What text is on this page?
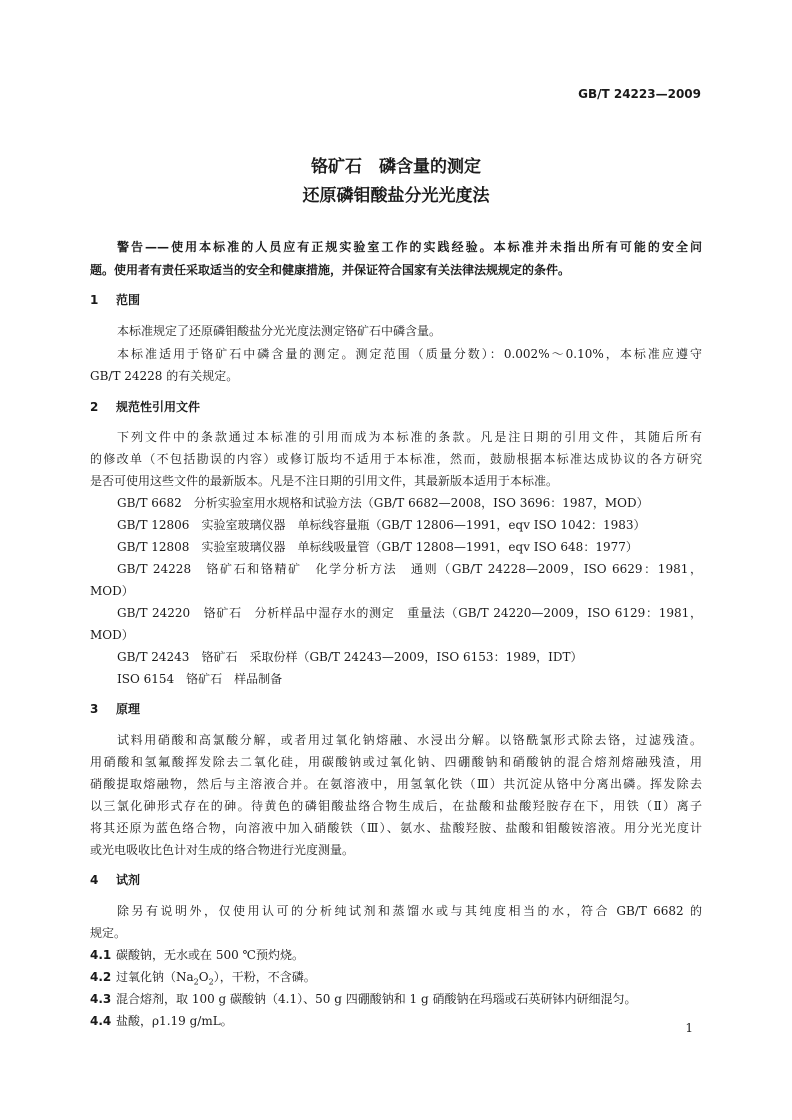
GB/T 24223—2009
铬矿石　磷含量的测定
还原磷钼酸盐分光光度法
警告——使用本标准的人员应有正规实验室工作的实践经验。本标准并未指出所有可能的安全问
题。使用者有责任采取适当的安全和健康措施，并保证符合国家有关法律法规规定的条件。
1 范围
本标准规定了还原磷钼酸盐分光光度法测定铬矿石中磷含量。
本标准适用于铬矿石中磷含量的测定。测定范围（质量分数）：0.002%～0.10%，本标准应遵守
GB/T 24228 的有关规定。
2 规范性引用文件
下列文件中的条款通过本标准的引用而成为本标准的条款。凡是注日期的引用文件，其随后所有
的修改单（不包括勘误的内容）或修订版均不适用于本标准，然而，鼓励根据本标准达成协议的各方研究
是否可使用这些文件的最新版本。凡是不注日期的引用文件，其最新版本适用于本标准。
GB/T 6682　分析实验室用水规格和试验方法（GB/T 6682—2008，ISO 3696：1987，MOD）
GB/T 12806　实验室玻璃仪器　单标线容量瓶（GB/T 12806—1991，eqv ISO 1042：1983）
GB/T 12808　实验室玻璃仪器　单标线吸量管（GB/T 12808—1991，eqv ISO 648：1977）
GB/T 24228　铬矿石和铬精矿　化学分析方法　通则（GB/T 24228—2009，ISO 6629：1981，
MOD）
GB/T 24220　铬矿石　分析样品中湿存水的测定　重量法（GB/T 24220—2009，ISO 6129：1981，
MOD）
GB/T 24243　铬矿石　采取份样（GB/T 24243—2009，ISO 6153：1989，IDT）
ISO 6154　铬矿石　样品制备
3 原理
试料用硝酸和高氯酸分解，或者用过氧化钠熔融、水浸出分解。以铬酰氯形式除去铬，过滤残渣。
用硝酸和氢氟酸挥发除去二氧化硅，用碳酸钠或过氧化钠、四硼酸钠和硝酸钠的混合熔剂熔融残渣，用
硝酸提取熔融物，然后与主溶液合并。在氨溶液中，用氢氧化铁（Ⅲ）共沉淀从铬中分离出磷。挥发除去
以三氯化砷形式存在的砷。待黄色的磷钼酸盐络合物生成后，在盐酸和盐酸羟胺存在下，用铁（Ⅱ）离子
将其还原为蓝色络合物，向溶液中加入硝酸铁（Ⅲ）、氨水、盐酸羟胺、盐酸和钼酸铵溶液。用分光光度计
或光电吸收比色计对生成的络合物进行光度测量。
4 试剂
除另有说明外，仅使用认可的分析纯试剂和蒸馏水或与其纯度相当的水，符合 GB/T 6682 的
规定。
4.1 碳酸钠，无水或在 500 ℃预灼烧。
4.2 过氧化钠$(Na_2O_2)$，干粉，不含磷。
4.3 混合熔剂，取 100 g 碳酸钠（4.1）、50 g 四硼酸钠和 1 g 硝酸钠在玛瑙或石英研钵内研细混匀。
4.4 盐酸，ρ1.19 g/mL。	1
